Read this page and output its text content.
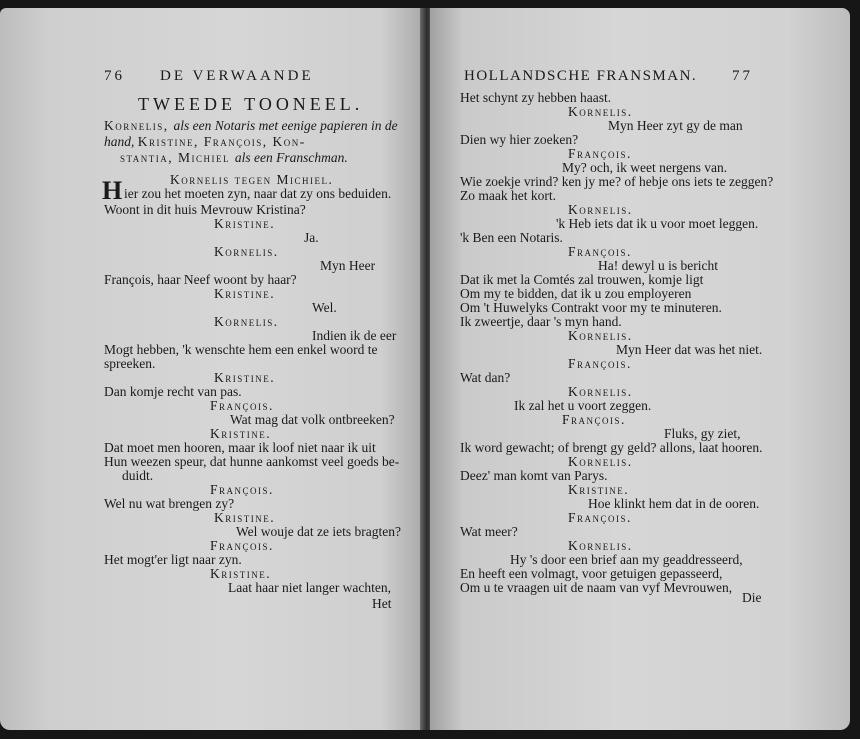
76 DE VERWAANDE
TWEEDE TOONEEL.
Kornelis, als een Notaris met eenige papieren in de
hand, Kristine, François, Kon-
stantia, Michiel als een Franschman.
Kornelis tegen Michiel.
H ier zou het moeten zyn, naar dat zy ons beduiden.
Woont in dit huis Mevrouw Kristina?
Kristine.
Ja.
Kornelis.
Myn Heer
François, haar Neef woont by haar?
Kristine.
Wel.
Kornelis.
Indien ik de eer
Mogt hebben, 'k wenschte hem een enkel woord te
spreeken.
Kristine.
Dan komje recht van pas.
François.
Wat mag dat volk ontbreeken?
Kristine.
Dat moet men hooren, maar ik loof niet naar ik uit
Hun weezen speur, dat hunne aankomst veel goeds be-
duidt.
François.
Wel nu wat brengen zy?
Kristine.
Wel wouje dat ze iets bragten?
François.
Het mogt'er ligt naar zyn.
Kristine.
Laat haar niet langer wachten,
Het
HOLLANDSCHE FRANSMAN. 77
Het schynt zy hebben haast.
Kornelis.
Myn Heer zyt gy de man
Dien wy hier zoeken?
François.
My? och, ik weet nergens van.
Wie zoekje vrind? ken jy me? of hebje ons iets te zeggen?
Zo maak het kort.
Kornelis.
'k Heb iets dat ik u voor moet leggen.
'k Ben een Notaris.
François.
Ha! dewyl u is bericht
Dat ik met la Comtés zal trouwen, komje ligt
Om my te bidden, dat ik u zou employeren
Om 't Huwelyks Contrakt voor my te minuteren.
Ik zweertje, daar 's myn hand.
Kornelis.
Myn Heer dat was het niet.
François.
Wat dan?
Kornelis.
Ik zal het u voort zeggen.
François.
Fluks, gy ziet,
Ik word gewacht; of brengt gy geld? allons, laat hooren.
Kornelis.
Deez' man komt van Parys.
Kristine.
Hoe klinkt hem dat in de ooren.
François.
Wat meer?
Kornelis.
Hy 's door een brief aan my geaddresseerd,
En heeft een volmagt, voor getuigen gepasseerd,
Om u te vraagen uit de naam van vyf Mevrouwen,
Die
